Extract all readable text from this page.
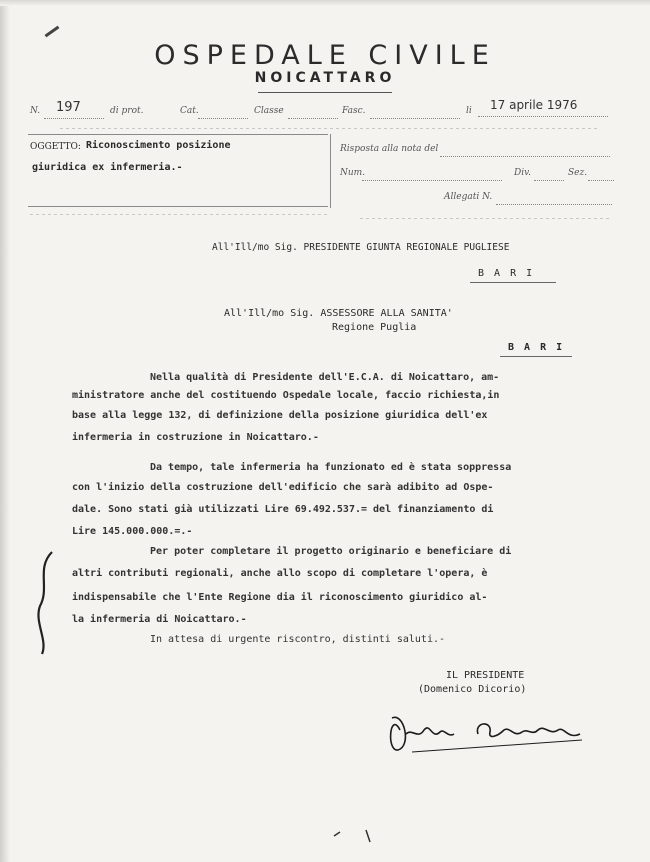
OSPEDALE CIVILE
NOICATTARO
N. 197	di prot.	Cat.	Classe	Fasc.	li 17 aprile 1976
OGGETTO: Riconoscimento posizione
giuridica ex infermeria.-
Risposta alla nota del
Num.	Div.	Sez.
Allegati N.
All'Ill/mo Sig. PRESIDENTE GIUNTA REGIONALE PUGLIESE
B A R I
All'Ill/mo Sig. ASSESSORE ALLA SANITA'
Regione Puglia
B A R I
Nella qualità di Presidente dell'E.C.A. di Noicattaro, am-
ministratore anche del costituendo Ospedale locale, faccio richiesta,in
base alla legge 132, di definizione della posizione giuridica dell'ex
infermeria in costruzione in Noicattaro.-
Da tempo, tale infermeria ha funzionato ed è stata soppressa
con l'inizio della costruzione dell'edificio che sarà adibito ad Ospe-
dale. Sono stati già utilizzati Lire 69.492.537.= del finanziamento di
Lire 145.000.000.=.-
Per poter completare il progetto originario e beneficiare di
altri contributi regionali, anche allo scopo di completare l'opera, è
indispensabile che l'Ente Regione dia il riconoscimento giuridico al-
la infermeria di Noicattaro.-
In attesa di urgente riscontro, distinti saluti.-
IL PRESIDENTE
(Domenico Dicorio)
